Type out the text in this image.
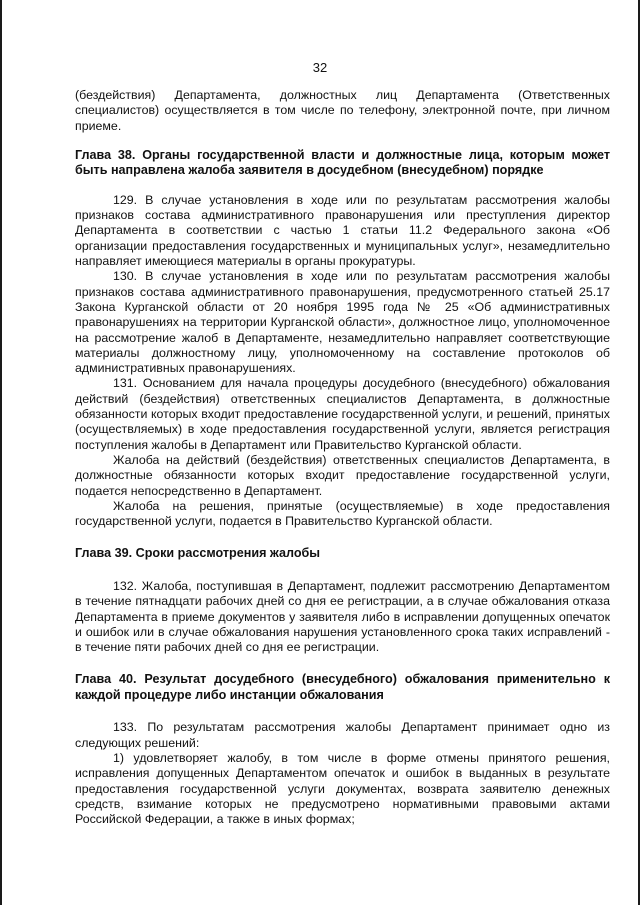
32

(бездействия) Департамента, должностных лиц Департамента (Ответственных специалистов) осуществляется в том числе по телефону, электронной почте, при личном приеме.

Глава 38. Органы государственной власти и должностные лица, которым может быть направлена жалоба заявителя в досудебном (внесудебном) порядке

129. В случае установления в ходе или по результатам рассмотрения жалобы признаков состава административного правонарушения или преступления директор Департамента в соответствии с частью 1 статьи 11.2 Федерального закона «Об организации предоставления государственных и муниципальных услуг», незамедлительно направляет имеющиеся материалы в органы прокуратуры.

130. В случае установления в ходе или по результатам рассмотрения жалобы признаков состава административного правонарушения, предусмотренного статьей 25.17 Закона Курганской области от 20 ноября 1995 года № 25 «Об административных правонарушениях на территории Курганской области», должностное лицо, уполномоченное на рассмотрение жалоб в Департаменте, незамедлительно направляет соответствующие материалы должностному лицу, уполномоченному на составление протоколов об административных правонарушениях.

131. Основанием для начала процедуры досудебного (внесудебного) обжалования действий (бездействия) ответственных специалистов Департамента, в должностные обязанности которых входит предоставление государственной услуги, и решений, принятых (осуществляемых) в ходе предоставления государственной услуги, является регистрация поступления жалобы в Департамент или Правительство Курганской области.

Жалоба на действий (бездействия) ответственных специалистов Департамента, в должностные обязанности которых входит предоставление государственной услуги, подается непосредственно в Департамент.

Жалоба на решения, принятые (осуществляемые) в ходе предоставления государственной услуги, подается в Правительство Курганской области.

Глава 39. Сроки рассмотрения жалобы

132. Жалоба, поступившая в Департамент, подлежит рассмотрению Департаментом в течение пятнадцати рабочих дней со дня ее регистрации, а в случае обжалования отказа Департамента в приеме документов у заявителя либо в исправлении допущенных опечаток и ошибок или в случае обжалования нарушения установленного срока таких исправлений - в течение пяти рабочих дней со дня ее регистрации.

Глава 40. Результат досудебного (внесудебного) обжалования применительно к каждой процедуре либо инстанции обжалования

133. По результатам рассмотрения жалобы Департамент принимает одно из следующих решений:

1) удовлетворяет жалобу, в том числе в форме отмены принятого решения, исправления допущенных Департаментом опечаток и ошибок в выданных в результате предоставления государственной услуги документах, возврата заявителю денежных средств, взимание которых не предусмотрено нормативными правовыми актами Российской Федерации, а также в иных формах;
